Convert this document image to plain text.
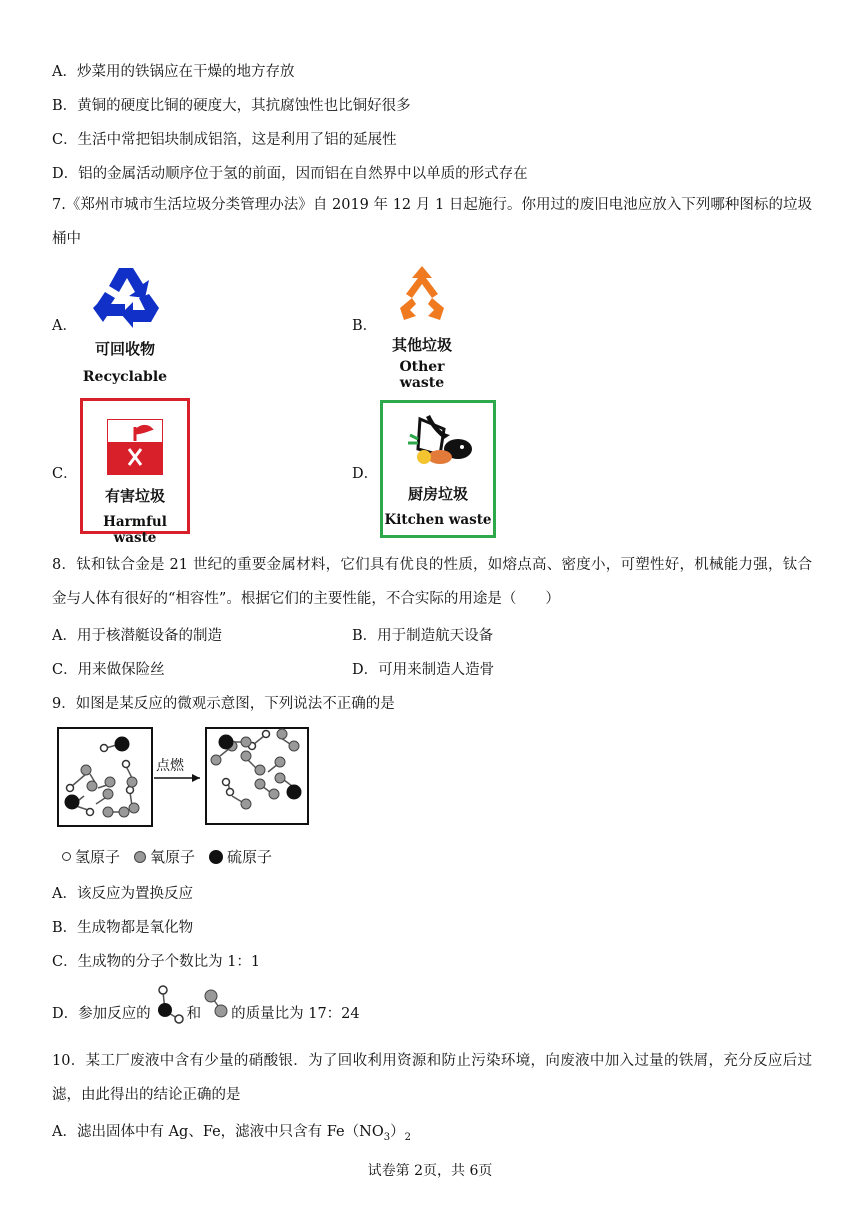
A．炒菜用的铁锅应在干燥的地方存放
B．黄铜的硬度比铜的硬度大，其抗腐蚀性也比铜好很多
C．生活中常把铝块制成铝箔，这是利用了铝的延展性
D．铝的金属活动顺序位于氢的前面，因而铝在自然界中以单质的形式存在
7.《郑州市城市生活垃圾分类管理办法》自 2019 年 12 月 1 日起施行。你用过的废旧电池应放入下列哪种图标的垃圾桶中
A．
可回收物
Recyclable
B．
其他垃圾
Other waste
C．
有害垃圾
Harmful waste
D．
厨房垃圾
Kitchen waste
8．钛和钛合金是 21 世纪的重要金属材料，它们具有优良的性质，如熔点高、密度小，可塑性好，机械能力强，钛合金与人体有很好的“相容性”。根据它们的主要性能，不合实际的用途是（　　）
A．用于核潜艇设备的制造	B．用于制造航天设备
C．用来做保险丝	D．可用来制造人造骨
9．如图是某反应的微观示意图，下列说法不正确的是
点燃
氢原子 氧原子 硫原子
A．该反应为置换反应
B．生成物都是氧化物
C．生成物的分子个数比为 1：1
D．参加反应的 和 的质量比为 17：24
10．某工厂废液中含有少量的硝酸银．为了回收利用资源和防止污染环境，向废液中加入过量的铁屑，充分反应后过滤，由此得出的结论正确的是
A．滤出固体中有 Ag、Fe，滤液中只含有 $Fe(NO_3)_2$
试卷第 2页，共 6页
